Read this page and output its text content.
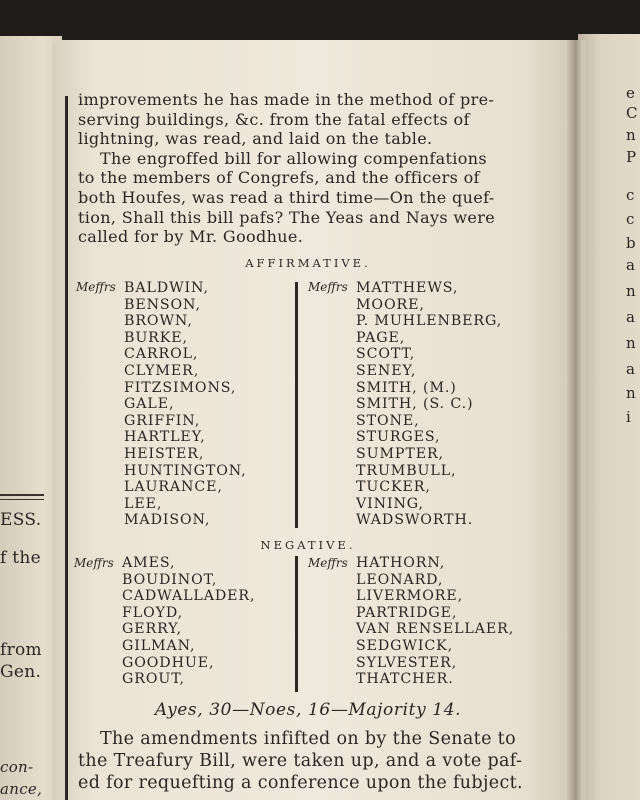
ESS.
f the
from
Gen.
con-
ance,
e
C
n
P
c
c
b
a
n
a
n
a
n
i
improvements he has made in the method of pre-
serving buildings, &c. from the fatal effects of
lightning, was read, and laid on the table.
The engroffed bill for allowing compenfations
to the members of Congrefs, and the officers of
both Houfes, was read a third time—On the quef-
tion, Shall this bill pafs? The Yeas and Nays were
called for by Mr. Goodhue.
AFFIRMATIVE.
Meffrs	Meffrs
BALDWIN,
BENSON,
BROWN,
BURKE,
CARROL,
CLYMER,
FITZSIMONS,
GALE,
GRIFFIN,
HARTLEY,
HEISTER,
HUNTINGTON,
LAURANCE,
LEE,
MADISON,
MATTHEWS,
MOORE,
P. MUHLENBERG,
PAGE,
SCOTT,
SENEY,
SMITH, (M.)
SMITH, (S. C.)
STONE,
STURGES,
SUMPTER,
TRUMBULL,
TUCKER,
VINING,
WADSWORTH.
NEGATIVE.
Meffrs	Meffrs
AMES,
BOUDINOT,
CADWALLADER,
FLOYD,
GERRY,
GILMAN,
GOODHUE,
GROUT,
HATHORN,
LEONARD,
LIVERMORE,
PARTRIDGE,
VAN RENSELLAER,
SEDGWICK,
SYLVESTER,
THATCHER.
Ayes, 30—Noes, 16—Majority 14.
The amendments infifted on by the Senate to
the Treafury Bill, were taken up, and a vote paf-
ed for requefting a conference upon the fubject.
